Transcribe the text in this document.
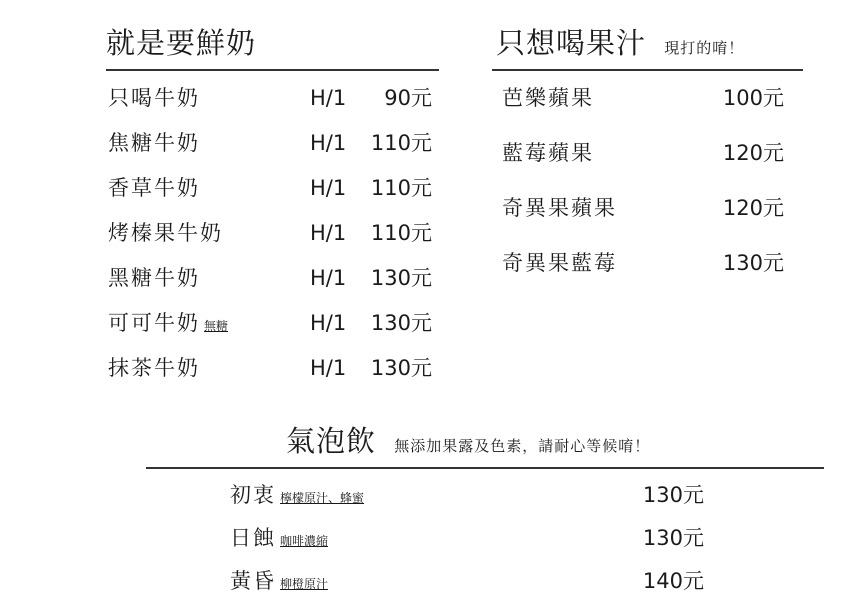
就是要鮮奶
只喝牛奶	H/1 90元
焦糖牛奶	H/1 110元
香草牛奶	H/1 110元
烤榛果牛奶	H/1 110元
黑糖牛奶	H/1 130元
可可牛奶 無糖	H/1 130元
抹茶牛奶	H/1 130元
只想喝果汁 現打的唷！
芭樂蘋果	100元
藍莓蘋果	120元
奇異果蘋果	120元
奇異果藍莓	130元
氣泡飲 無添加果露及色素，請耐心等候唷！
初衷 檸檬原汁、蜂蜜	130元
日蝕 咖啡濃縮	130元
黃昏 柳橙原汁	140元
